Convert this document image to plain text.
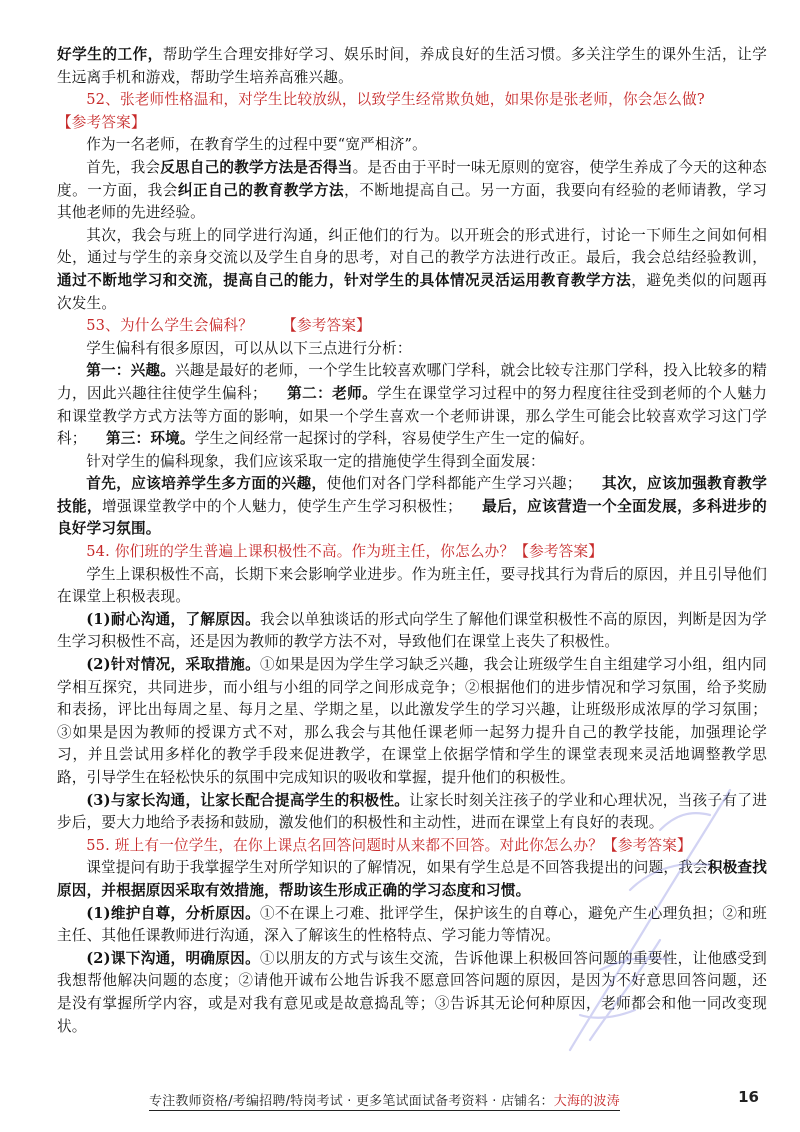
好学生的工作，帮助学生合理安排好学习、娱乐时间，养成良好的生活习惯。多关注学生的课外生活，让学生远离手机和游戏，帮助学生培养高雅兴趣。

52、张老师性格温和，对学生比较放纵，以致学生经常欺负她，如果你是张老师，你会怎么做?

【参考答案】

作为一名老师，在教育学生的过程中要“宽严相济”。

首先，我会反思自己的教学方法是否得当。是否由于平时一味无原则的宽容，使学生养成了今天的这种态度。一方面，我会纠正自己的教育教学方法，不断地提高自己。另一方面，我要向有经验的老师请教，学习其他老师的先进经验。

其次，我会与班上的同学进行沟通，纠正他们的行为。以开班会的形式进行，讨论一下师生之间如何相处，通过与学生的亲身交流以及学生自身的思考，对自己的教学方法进行改正。最后，我会总结经验教训，通过不断地学习和交流，提高自己的能力，针对学生的具体情况灵活运用教育教学方法，避免类似的问题再次发生。

53、为什么学生会偏科？ 【参考答案】

学生偏科有很多原因，可以从以下三点进行分析：

第一：兴趣。兴趣是最好的老师，一个学生比较喜欢哪门学科，就会比较专注那门学科，投入比较多的精力，因此兴趣往往使学生偏科； 第二：老师。学生在课堂学习过程中的努力程度往往受到老师的个人魅力和课堂教学方式方法等方面的影响，如果一个学生喜欢一个老师讲课，那么学生可能会比较喜欢学习这门学科； 第三：环境。学生之间经常一起探讨的学科，容易使学生产生一定的偏好。

针对学生的偏科现象，我们应该采取一定的措施使学生得到全面发展：

首先，应该培养学生多方面的兴趣，使他们对各门学科都能产生学习兴趣； 其次，应该加强教育教学技能，增强课堂教学中的个人魅力，使学生产生学习积极性； 最后，应该营造一个全面发展，多科进步的良好学习氛围。

54. 你们班的学生普遍上课积极性不高。作为班主任，你怎么办？【参考答案】

学生上课积极性不高，长期下来会影响学业进步。作为班主任，要寻找其行为背后的原因，并且引导他们在课堂上积极表现。

(1)耐心沟通，了解原因。我会以单独谈话的形式向学生了解他们课堂积极性不高的原因，判断是因为学生学习积极性不高，还是因为教师的教学方法不对，导致他们在课堂上丧失了积极性。

(2)针对情况，采取措施。①如果是因为学生学习缺乏兴趣，我会让班级学生自主组建学习小组，组内同学相互探究，共同进步，而小组与小组的同学之间形成竞争；②根据他们的进步情况和学习氛围，给予奖励和表扬，评比出每周之星、每月之星、学期之星，以此激发学生的学习兴趣，让班级形成浓厚的学习氛围；③如果是因为教师的授课方式不对，那么我会与其他任课老师一起努力提升自己的教学技能，加强理论学习，并且尝试用多样化的教学手段来促进教学，在课堂上依据学情和学生的课堂表现来灵活地调整教学思路，引导学生在轻松快乐的氛围中完成知识的吸收和掌握，提升他们的积极性。

(3)与家长沟通，让家长配合提高学生的积极性。让家长时刻关注孩子的学业和心理状况，当孩子有了进步后，要大力地给予表扬和鼓励，激发他们的积极性和主动性，进而在课堂上有良好的表现。

55. 班上有一位学生，在你上课点名回答问题时从来都不回答。对此你怎么办？【参考答案】

课堂提问有助于我掌握学生对所学知识的了解情况，如果有学生总是不回答我提出的问题，我会积极查找原因，并根据原因采取有效措施，帮助该生形成正确的学习态度和习惯。

(1)维护自尊，分析原因。①不在课上刁难、批评学生，保护该生的自尊心，避免产生心理负担；②和班主任、其他任课教师进行沟通，深入了解该生的性格特点、学习能力等情况。

(2)课下沟通，明确原因。①以朋友的方式与该生交流，告诉他课上积极回答问题的重要性，让他感受到我想帮他解决问题的态度；②请他开诚布公地告诉我不愿意回答问题的原因，是因为不好意思回答问题，还是没有掌握所学内容，或是对我有意见或是故意捣乱等；③告诉其无论何种原因，老师都会和他一同改变现状。

专注教师资格/考编招聘/特岗考试 · 更多笔试面试备考资料 · 店铺名：大海的波涛	16
